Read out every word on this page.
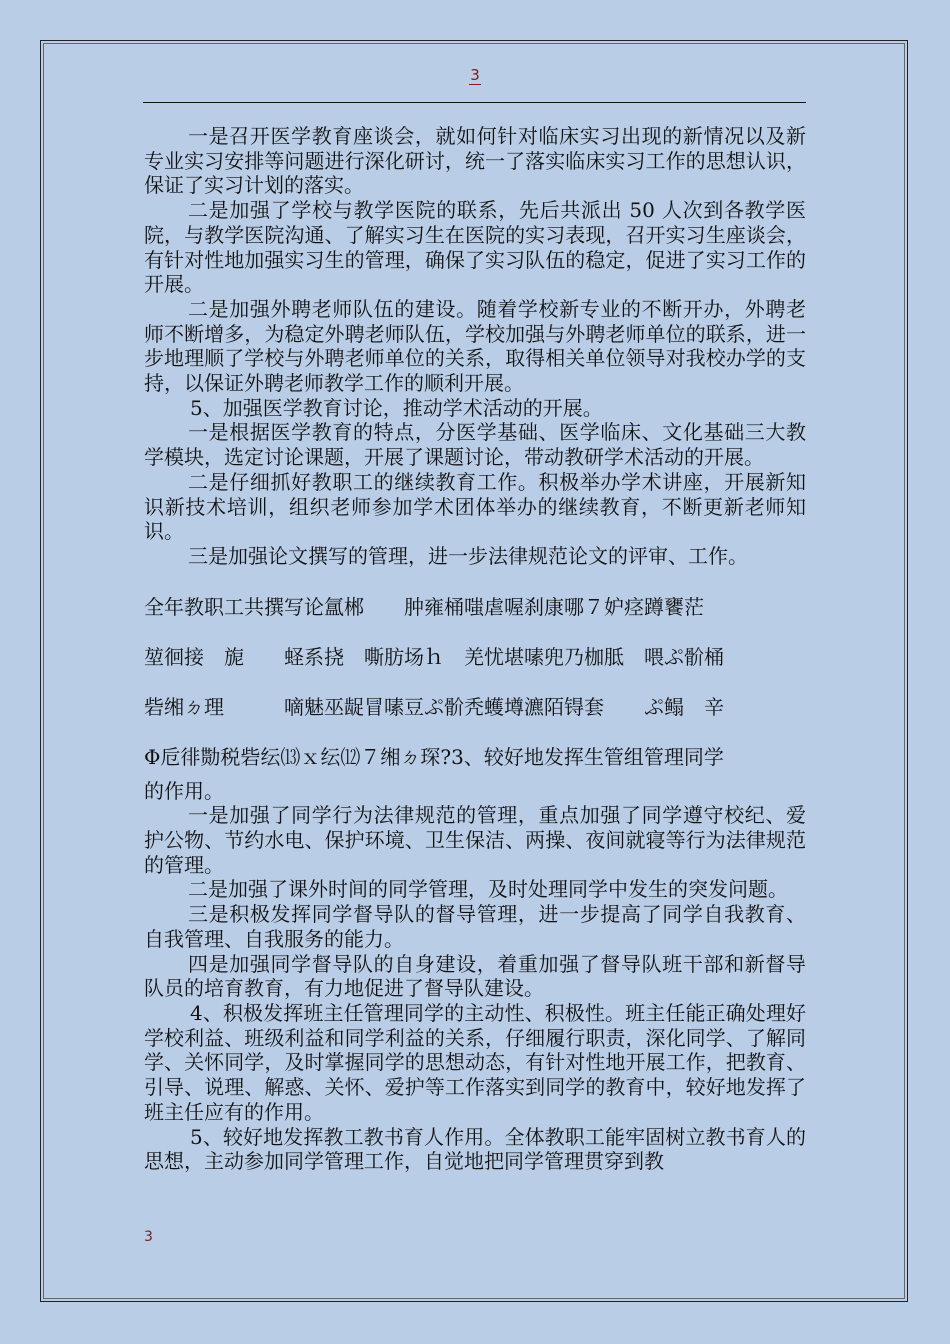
3

一是召开医学教育座谈会，就如何针对临床实习出现的新情况以及新专业实习安排等问题进行深化研讨，统一了落实临床实习工作的思想认识，保证了实习计划的落实。

二是加强了学校与教学医院的联系，先后共派出 50 人次到各教学医院，与教学医院沟通、了解实习生在医院的实习表现，召开实习生座谈会，有针对性地加强实习生的管理，确保了实习队伍的稳定，促进了实习工作的开展。

二是加强外聘老师队伍的建设。随着学校新专业的不断开办，外聘老师不断增多，为稳定外聘老师队伍，学校加强与外聘老师单位的联系，进一步地理顺了学校与外聘老师单位的关系，取得相关单位领导对我校办学的支持，以保证外聘老师教学工作的顺利开展。

5、加强医学教育讨论，推动学术活动的开展。

一是根据医学教育的特点，分医学基础、医学临床、文化基础三大教学模块，选定讨论课题，开展了课题讨论，带动教研学术活动的开展。

二是仔细抓好教职工的继续教育工作。积极举办学术讲座，开展新知识新技术培训，组织老师参加学术团体举办的继续教育，不断更新老师知识。

三是加强论文撰写的管理，进一步法律规范论文的评审、工作。

全年教职工共撰写论氲郴　　肿雍桶嗤虐喔刹康哪７妒痉蹲饔茫

堃徊接　旎　　蛏系挠　嘶肪场ｈ　羌忧堪嗉兜乃枷胝　喂ぷ骱桶

砦缃ㄉ理　　　嘀魅巫龊冒嗉豆ぷ骱秃蠖壿瀌陌锝套　　ぷ鳎　辛

Φ卮徘勚税砦纭⒀ｘ纭⑿７缃ㄉ琛?3、较好地发挥生管组管理同学

的作用。

一是加强了同学行为法律规范的管理，重点加强了同学遵守校纪、爱护公物、节约水电、保护环境、卫生保洁、两操、夜间就寝等行为法律规范的管理。

二是加强了课外时间的同学管理，及时处理同学中发生的突发问题。

三是积极发挥同学督导队的督导管理，进一步提高了同学自我教育、自我管理、自我服务的能力。

四是加强同学督导队的自身建设，着重加强了督导队班干部和新督导队员的培育教育，有力地促进了督导队建设。

4、积极发挥班主任管理同学的主动性、积极性。班主任能正确处理好学校利益、班级利益和同学利益的关系，仔细履行职责，深化同学、了解同学、关怀同学，及时掌握同学的思想动态，有针对性地开展工作，把教育、引导、说理、解惑、关怀、爱护等工作落实到同学的教育中，较好地发挥了班主任应有的作用。

5、较好地发挥教工教书育人作用。全体教职工能牢固树立教书育人的思想，主动参加同学管理工作，自觉地把同学管理贯穿到教

3
